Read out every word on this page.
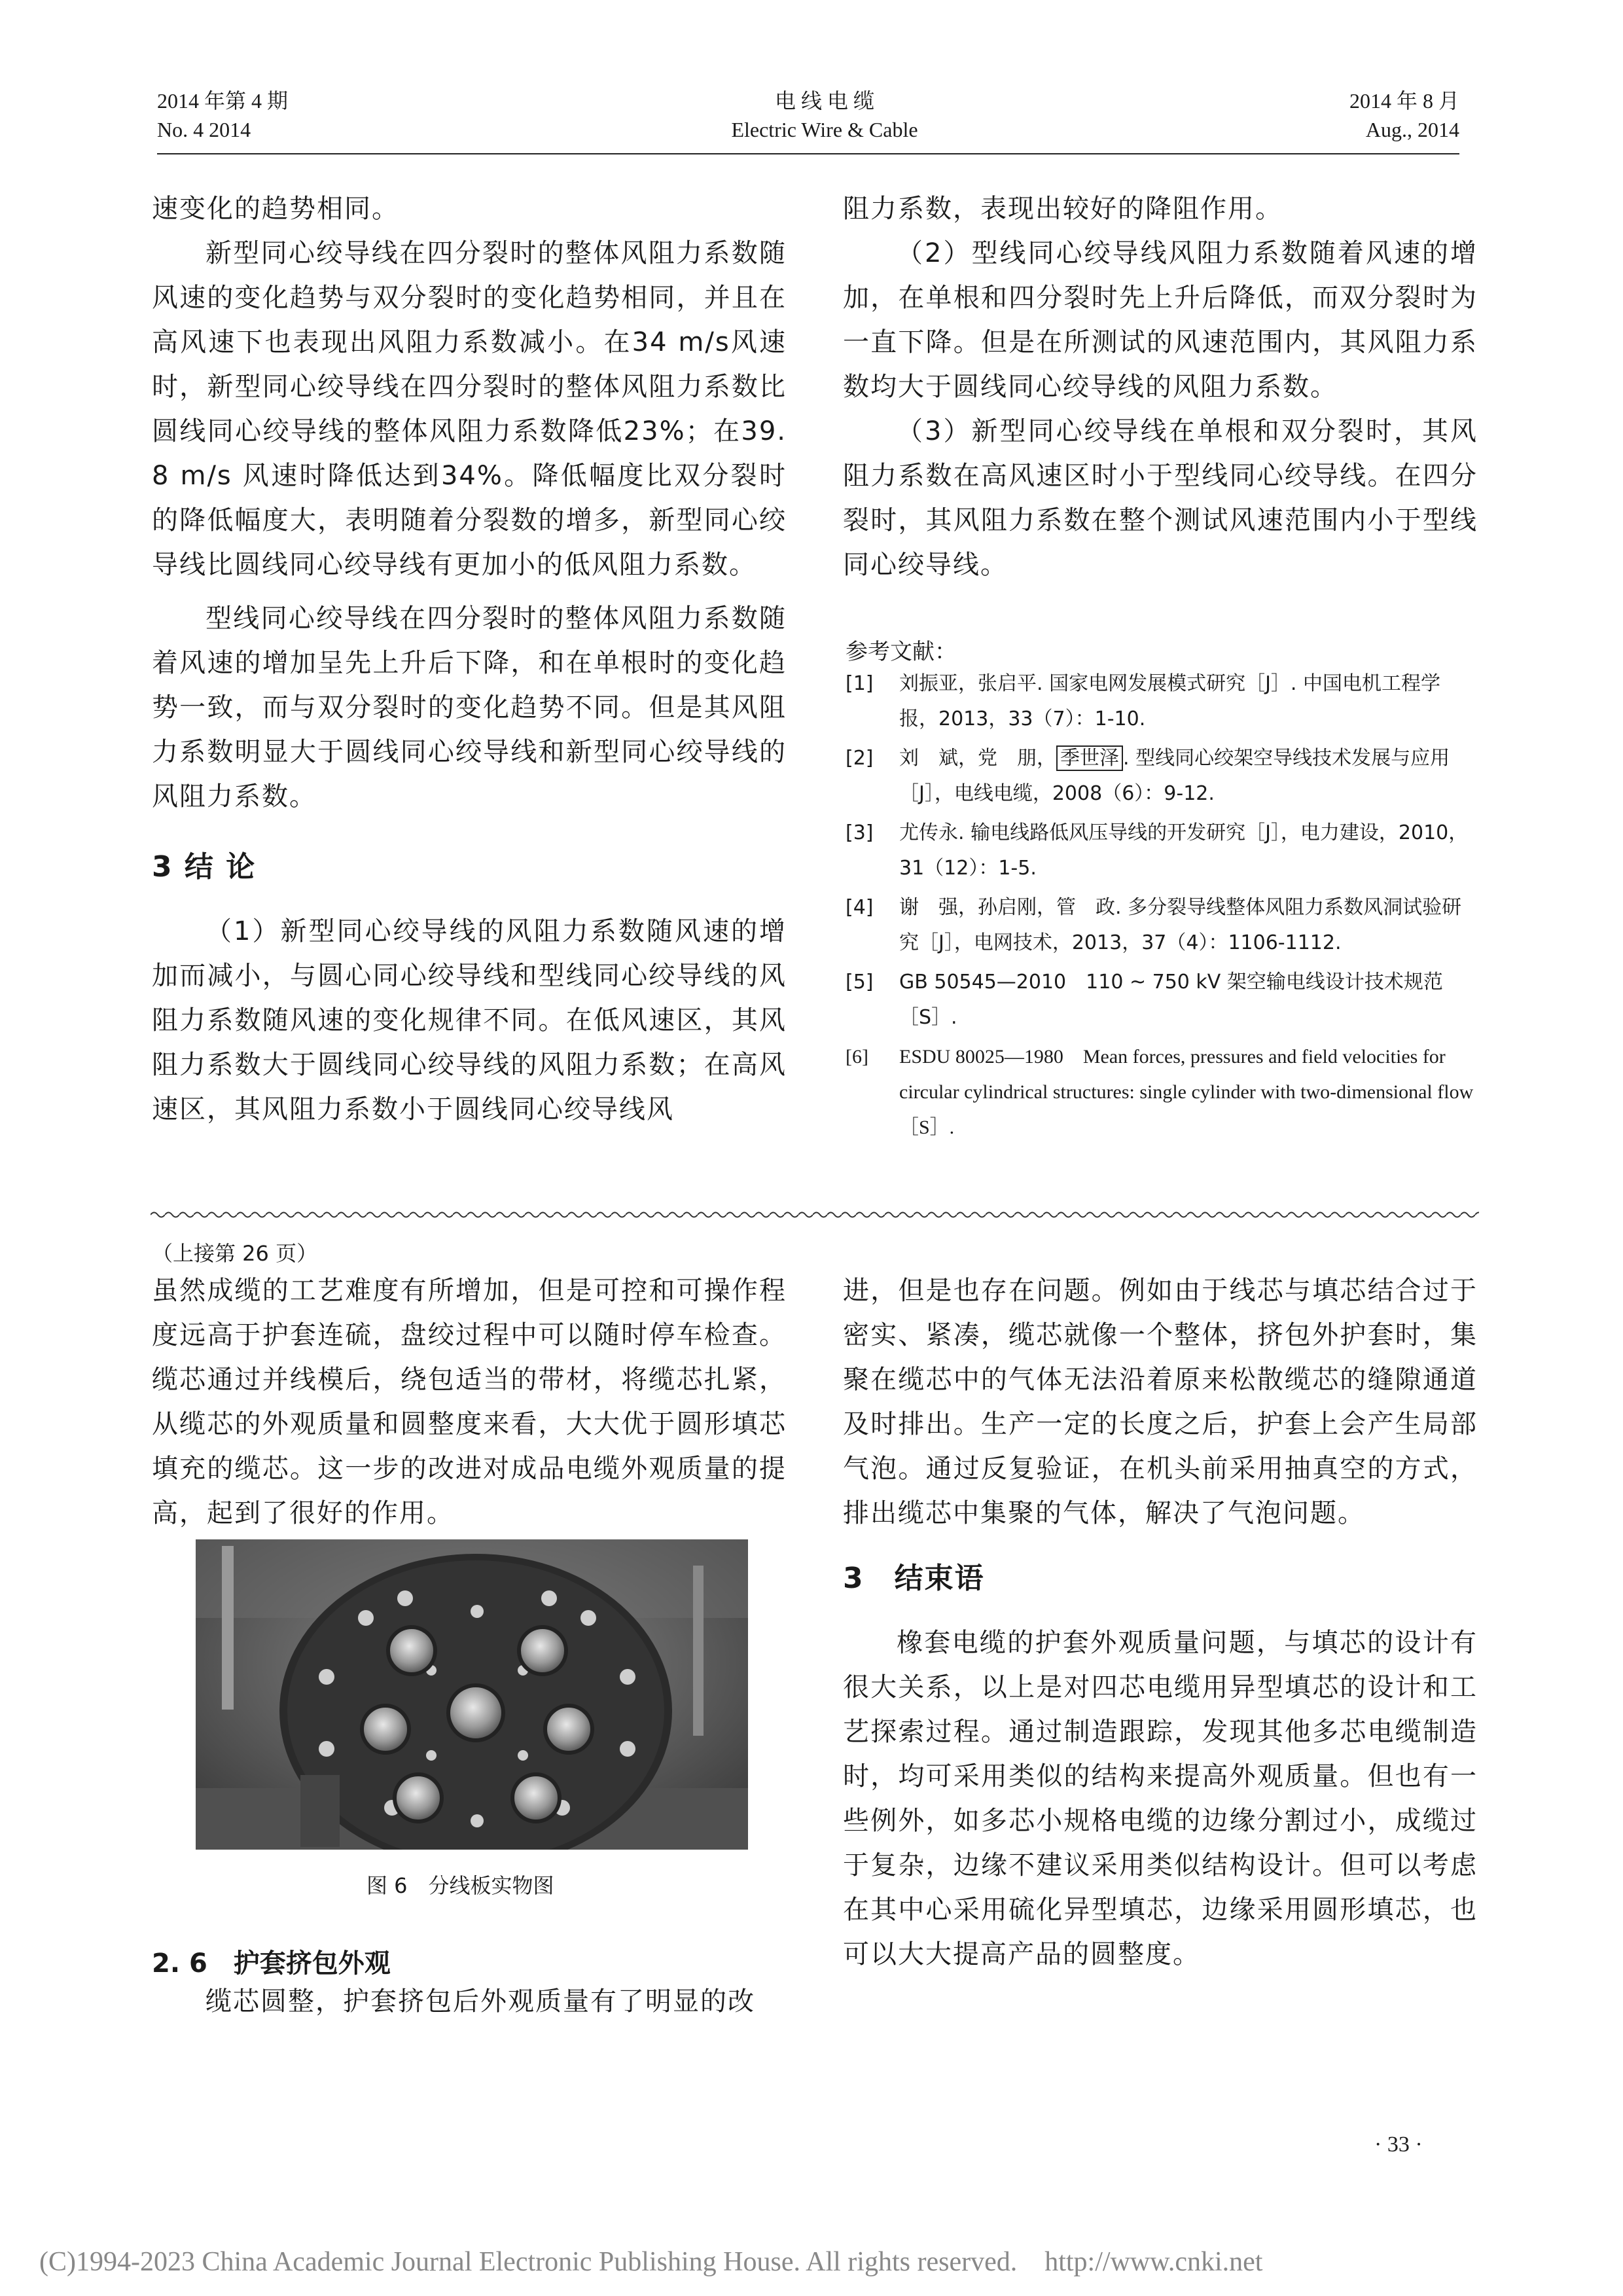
2014 年第 4 期
No. 4 2014
电 线 电 缆
Electric Wire & Cable
2014 年 8 月
Aug., 2014

速变化的趋势相同。

新型同心绞导线在四分裂时的整体风阻力系数随风速的变化趋势与双分裂时的变化趋势相同，并且在高风速下也表现出风阻力系数减小。在34 m/s风速时，新型同心绞导线在四分裂时的整体风阻力系数比圆线同心绞导线的整体风阻力系数降低23%；在39. 8 m/s 风速时降低达到34%。降低幅度比双分裂时的降低幅度大，表明随着分裂数的增多，新型同心绞导线比圆线同心绞导线有更加小的低风阻力系数。

型线同心绞导线在四分裂时的整体风阻力系数随着风速的增加呈先上升后下降，和在单根时的变化趋势一致，而与双分裂时的变化趋势不同。但是其风阻力系数明显大于圆线同心绞导线和新型同心绞导线的风阻力系数。

3 结 论

（1）新型同心绞导线的风阻力系数随风速的增加而减小，与圆心同心绞导线和型线同心绞导线的风阻力系数随风速的变化规律不同。在低风速区，其风阻力系数大于圆线同心绞导线的风阻力系数；在高风速区，其风阻力系数小于圆线同心绞导线风

阻力系数，表现出较好的降阻作用。

（2）型线同心绞导线风阻力系数随着风速的增加，在单根和四分裂时先上升后降低，而双分裂时为一直下降。但是在所测试的风速范围内，其风阻力系数均大于圆线同心绞导线的风阻力系数。

（3）新型同心绞导线在单根和双分裂时，其风阻力系数在高风速区时小于型线同心绞导线。在四分裂时，其风阻力系数在整个测试风速范围内小于型线同心绞导线。

参考文献：
[1] 刘振亚，张启平. 国家电网发展模式研究［J］. 中国电机工程学报，2013，33（7）：1-10.
[2] 刘　斌，党　朋， 季世泽 . 型线同心绞架空导线技术发展与应用［J］，电线电缆，2008（6）：9-12.
[3] 尤传永. 输电线路低风压导线的开发研究［J］，电力建设，2010，31（12）：1-5.
[4] 谢　强，孙启刚，管　政. 多分裂导线整体风阻力系数风洞试验研究［J］，电网技术，2013，37（4）：1106-1112.
[5] GB 50545—2010　110 ~ 750 kV 架空输电线设计技术规范［S］.
[6] ESDU 80025—1980　Mean forces, pressures and field velocities for circular cylindrical structures: single cylinder with two-dimensional flow［S］.
（上接第 26 页）

虽然成缆的工艺难度有所增加，但是可控和可操作程度远高于护套连硫，盘绞过程中可以随时停车检查。缆芯通过并线模后，绕包适当的带材，将缆芯扎紧，从缆芯的外观质量和圆整度来看，大大优于圆形填芯填充的缆芯。这一步的改进对成品电缆外观质量的提高，起到了很好的作用。

图 6　分线板实物图
2. 6　护套挤包外观

缆芯圆整，护套挤包后外观质量有了明显的改

进，但是也存在问题。例如由于线芯与填芯结合过于密实、紧凑，缆芯就像一个整体，挤包外护套时，集聚在缆芯中的气体无法沿着原来松散缆芯的缝隙通道及时排出。生产一定的长度之后，护套上会产生局部气泡。通过反复验证，在机头前采用抽真空的方式，排出缆芯中集聚的气体，解决了气泡问题。

3　结束语

橡套电缆的护套外观质量问题，与填芯的设计有很大关系，以上是对四芯电缆用异型填芯的设计和工艺探索过程。通过制造跟踪，发现其他多芯电缆制造时，均可采用类似的结构来提高外观质量。但也有一些例外，如多芯小规格电缆的边缘分割过小，成缆过于复杂，边缘不建议采用类似结构设计。但可以考虑在其中心采用硫化异型填芯，边缘采用圆形填芯，也可以大大提高产品的圆整度。

· 33 ·
(C)1994-2023 China Academic Journal Electronic Publishing House. All rights reserved.　http://www.cnki.net
